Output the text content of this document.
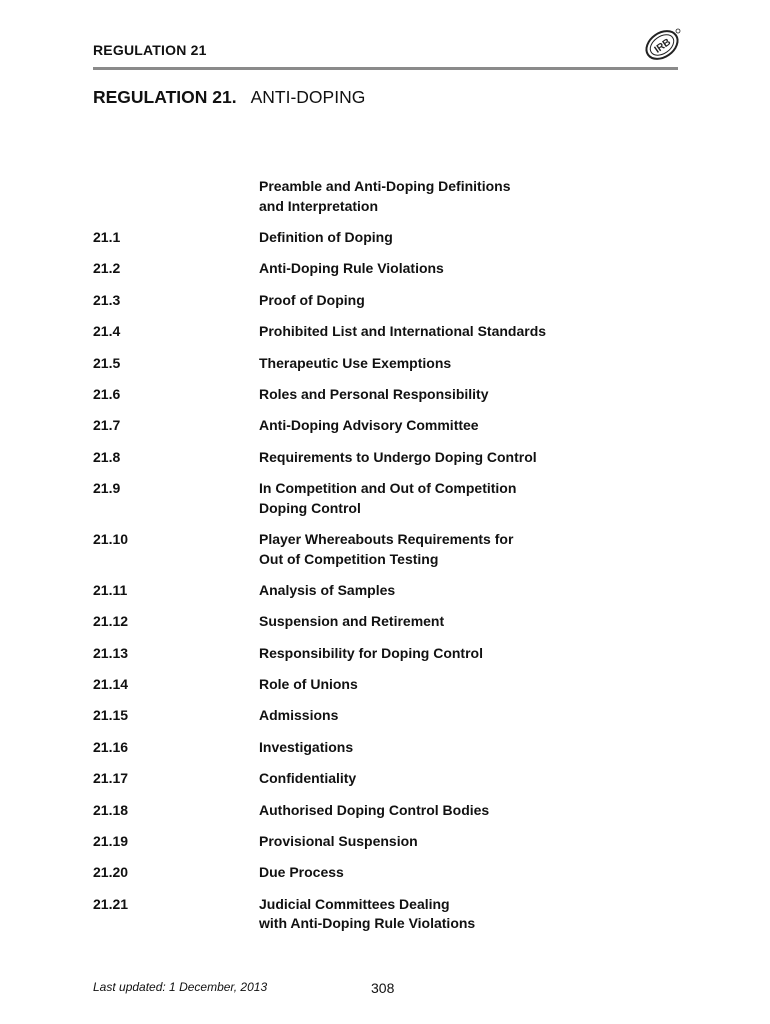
REGULATION 21	IRB
REGULATION 21. ANTI-DOPING
Preamble and Anti-Doping Definitions
and Interpretation
21.1	Definition of Doping
21.2	Anti-Doping Rule Violations
21.3	Proof of Doping
21.4	Prohibited List and International Standards
21.5	Therapeutic Use Exemptions
21.6	Roles and Personal Responsibility
21.7	Anti-Doping Advisory Committee
21.8	Requirements to Undergo Doping Control
21.9	In Competition and Out of Competition
Doping Control
21.10	Player Whereabouts Requirements for
Out of Competition Testing
21.11	Analysis of Samples
21.12	Suspension and Retirement
21.13	Responsibility for Doping Control
21.14	Role of Unions
21.15	Admissions
21.16	Investigations
21.17	Confidentiality
21.18	Authorised Doping Control Bodies
21.19	Provisional Suspension
21.20	Due Process
21.21	Judicial Committees Dealing
with Anti-Doping Rule Violations
Last updated: 1 December, 2013	308
